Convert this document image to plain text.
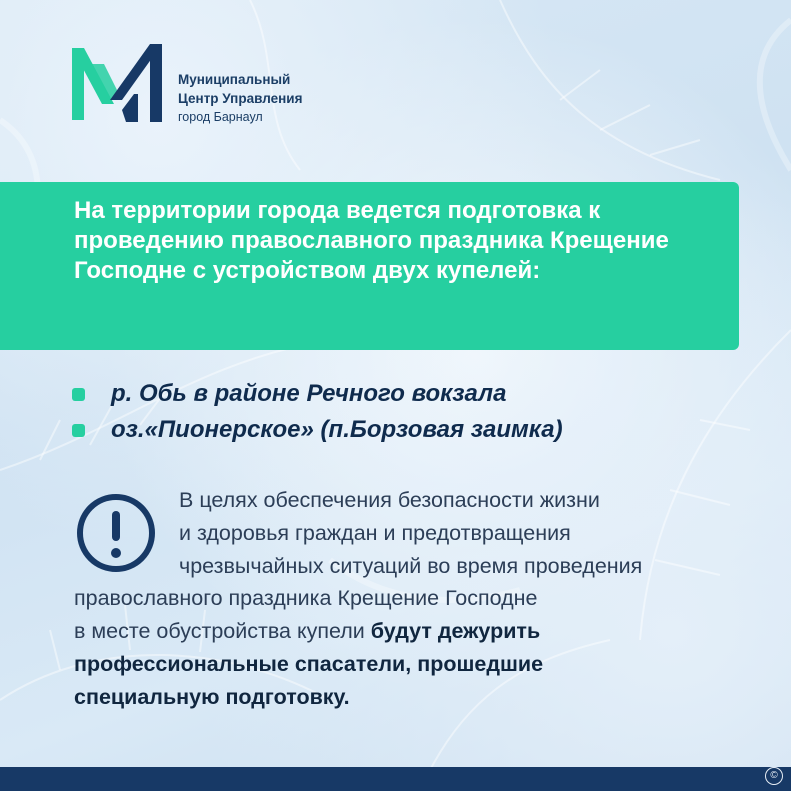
Муниципальный
Центр Управления
город Барнаул

На территории города ведется подготовка к проведению православного праздника Крещение Господне с устройством двух купелей:

р. Обь в районе Речного вокзала
оз.«Пионерское» (п.Борзовая заимка)

В целях обеспечения безопасности жизни
и здоровья граждан и предотвращения
чрезвычайных ситуаций во время проведения
православного праздника Крещение Господне
в месте обустройства купели будут дежурить
профессиональные спасатели, прошедшие
специальную подготовку.

©
